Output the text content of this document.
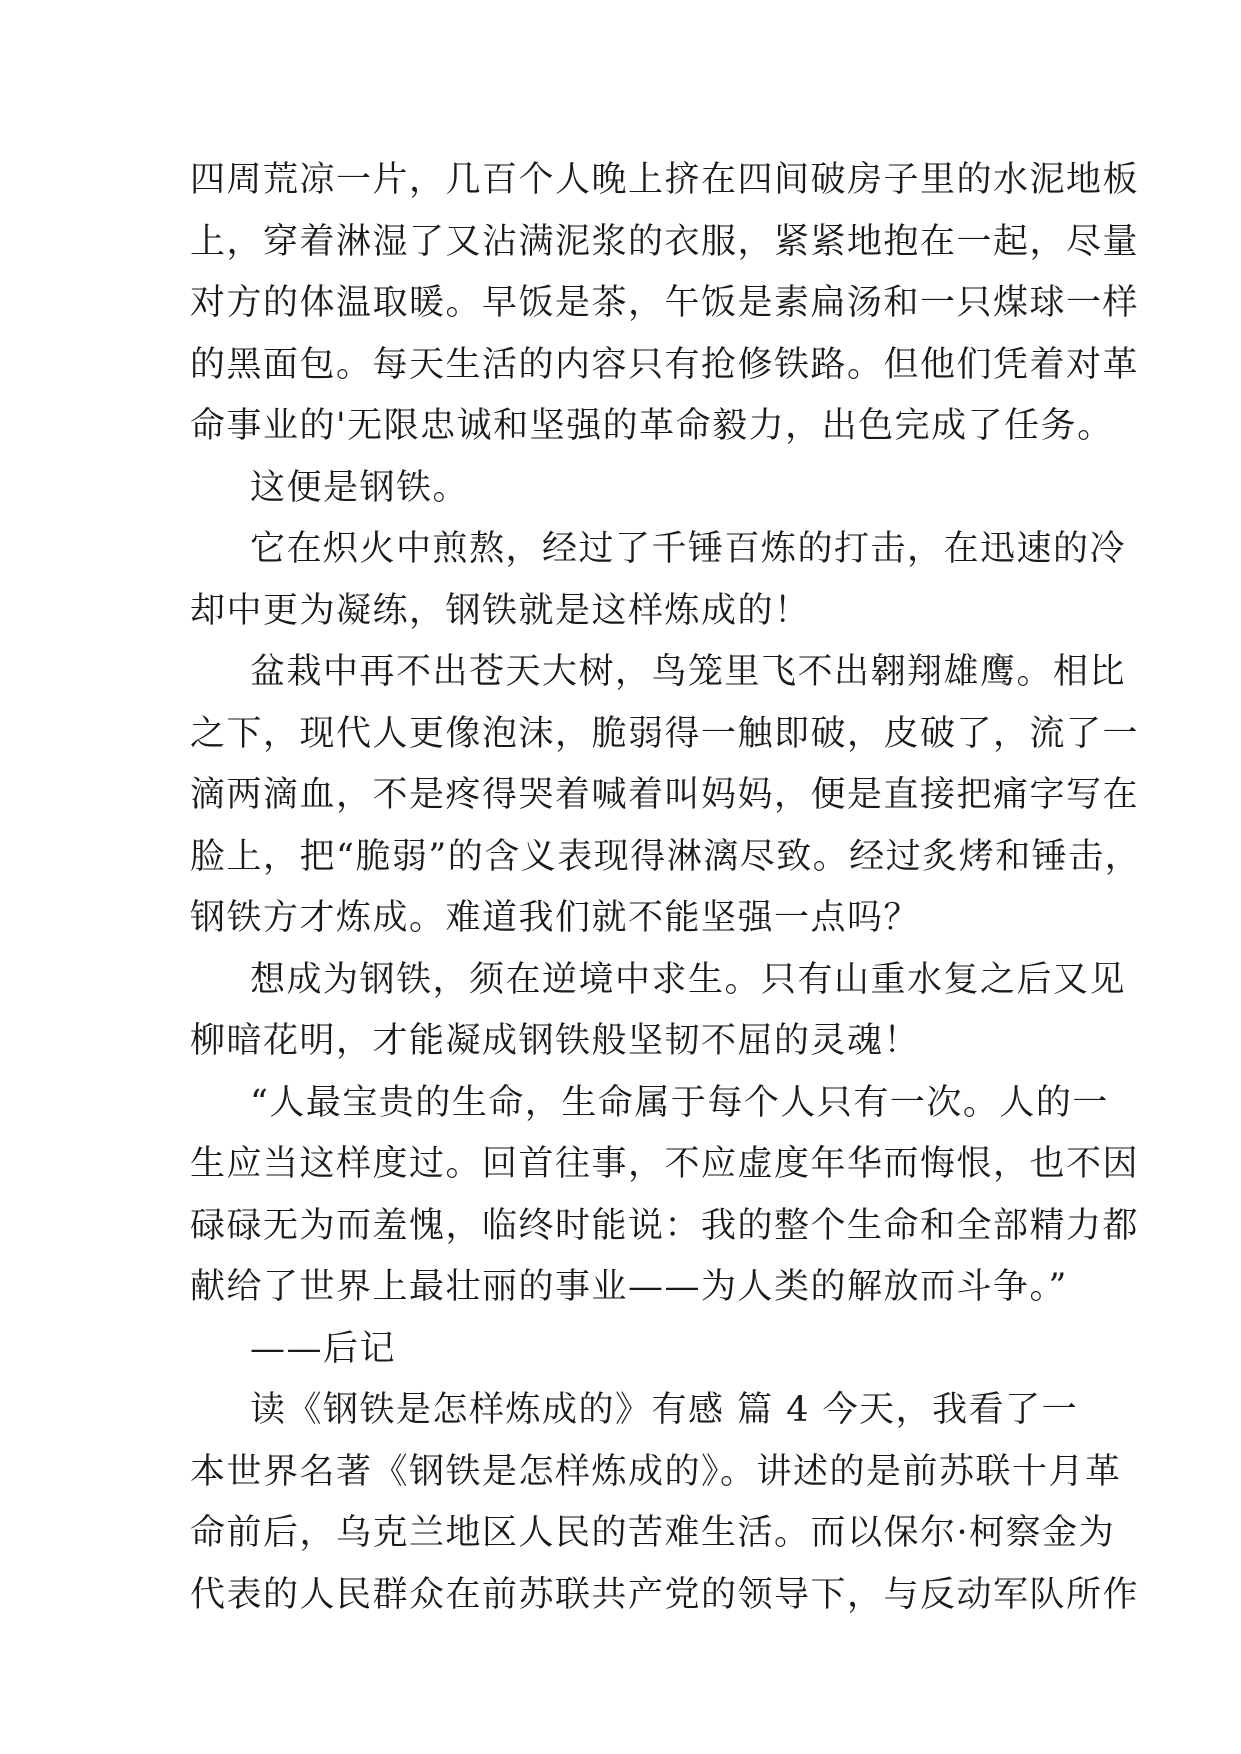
四周荒凉一片，几百个人晚上挤在四间破房子里的水泥地板
上，穿着淋湿了又沾满泥浆的衣服，紧紧地抱在一起，尽量
对方的体温取暖。早饭是茶，午饭是素扁汤和一只煤球一样
的黑面包。每天生活的内容只有抢修铁路。但他们凭着对革
命事业的'无限忠诚和坚强的革命毅力，出色完成了任务。
这便是钢铁。
它在炽火中煎熬，经过了千锤百炼的打击，在迅速的冷
却中更为凝练，钢铁就是这样炼成的！
盆栽中再不出苍天大树，鸟笼里飞不出翱翔雄鹰。相比
之下，现代人更像泡沫，脆弱得一触即破，皮破了，流了一
滴两滴血，不是疼得哭着喊着叫妈妈，便是直接把痛字写在
脸上，把“脆弱”的含义表现得淋漓尽致。经过炙烤和锤击，
钢铁方才炼成。难道我们就不能坚强一点吗？
想成为钢铁，须在逆境中求生。只有山重水复之后又见
柳暗花明，才能凝成钢铁般坚韧不屈的灵魂！
“人最宝贵的生命，生命属于每个人只有一次。人的一
生应当这样度过。回首往事，不应虚度年华而悔恨，也不因
碌碌无为而羞愧，临终时能说：我的整个生命和全部精力都
献给了世界上最壮丽的事业——为人类的解放而斗争。”
——后记
读《钢铁是怎样炼成的》有感 篇 4 今天，我看了一
本世界名著《钢铁是怎样炼成的》。讲述的是前苏联十月革
命前后，乌克兰地区人民的苦难生活。而以保尔·柯察金为
代表的人民群众在前苏联共产党的领导下，与反动军队所作
